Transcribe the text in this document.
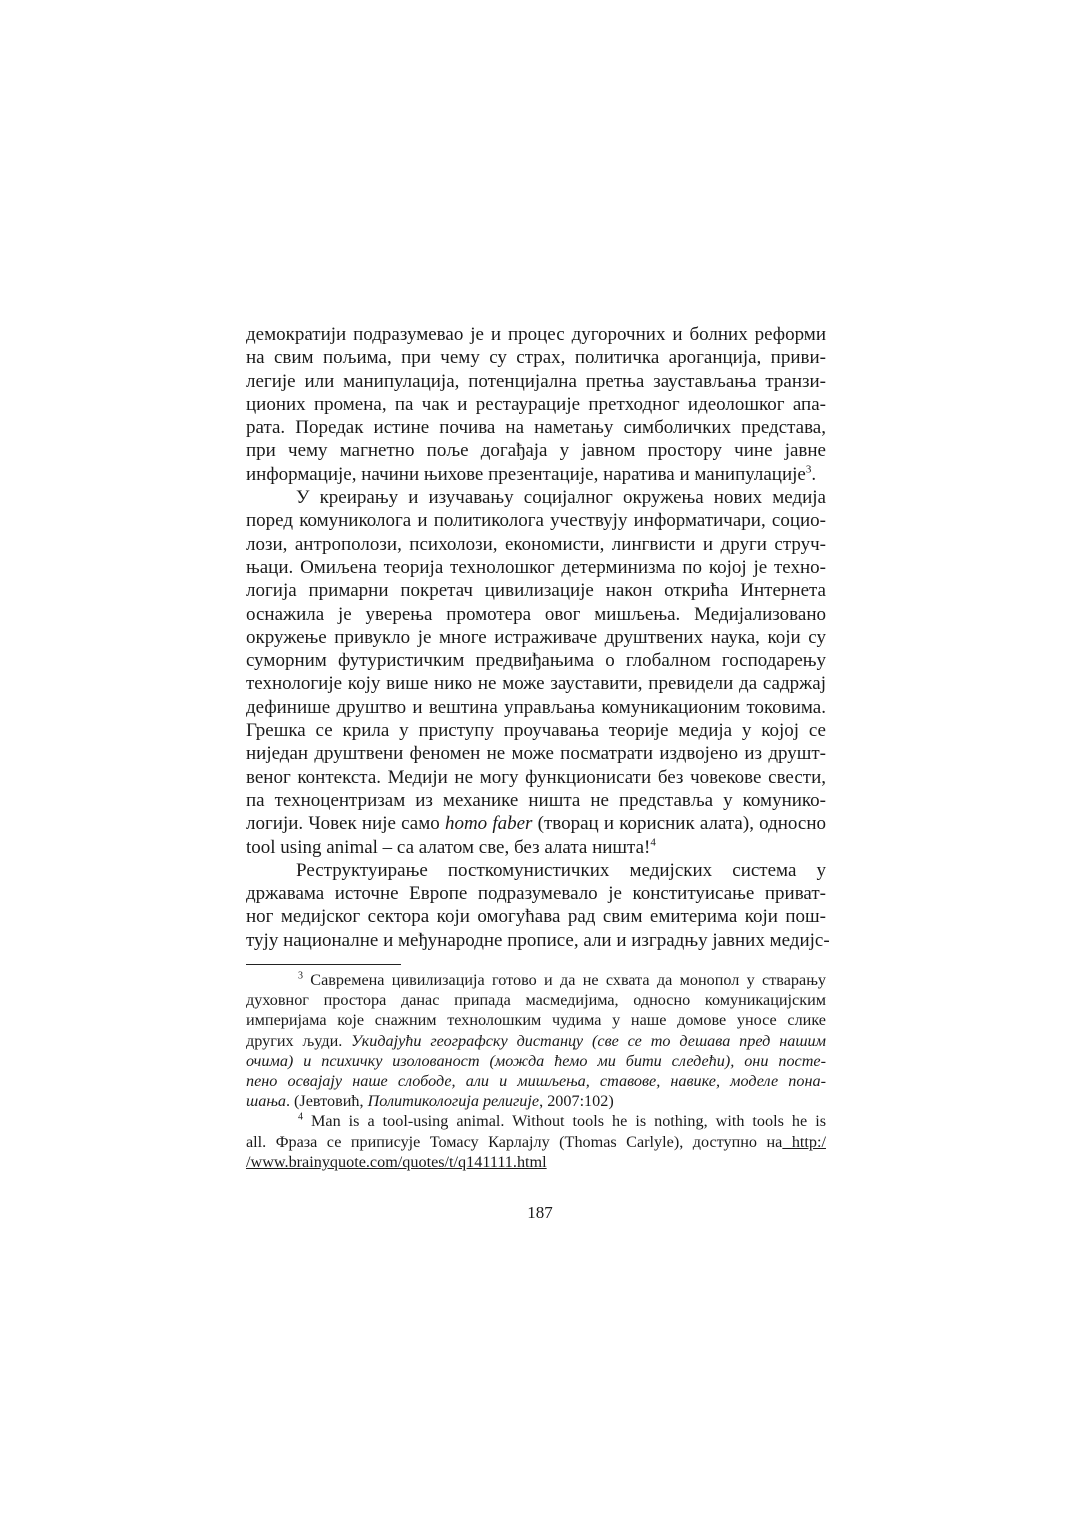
демократији подразумевао је и процес дугорочних и болних реформи
на свим пољима, при чему су страх, политичка ароганција, приви-
легије или манипулација, потенцијална претња заустављања транзи-
ционих промена, па чак и рестаурације претходног идеолошког апа-
рата. Поредак истине почива на наметању симболичких представа,
при чему магнетно поље догађаја у јавном простору чине јавне
информације, начини њихове презентације, наратива и манипулације$^3$.
У креирању и изучавању социјалног окружења нових медија
поред комуниколога и политиколога учествују информатичари, социо-
лози, антрополози, психолози, економисти, лингвисти и други струч-
њаци. Омиљена теорија технолошког детерминизма по којој је техно-
логија примарни покретач цивилизације након открића Интернета
оснажила је уверења промотера овог мишљења. Медијализовано
окружење привукло је многе истраживаче друштвених наука, који су
суморним футуристичким предвиђањима о глобалном господарењу
технологије коју више нико не може зауставити, превидели да садржај
дефинише друштво и вештина управљања комуникационим токовима.
Грешка се крила у приступу проучавања теорије медија у којој се
ниједан друштвени феномен не може посматрати издвојено из друшт-
веног контекста. Медији не могу функционисати без човекове свести,
па техноцентризам из механике ништа не представља у комунико-
логији. Човек није само homo faber (творац и корисник алата), односно
tool using animal – са алатом све, без алата ништа!$^4$
Реструктуирање посткомунистичких медијских система у
државама источне Европе подразумевало је конституисање приват-
ног медијског сектора који омогућава рад свим емитерима који пош-
тују националне и међународне прописе, али и изградњу јавних медијс-
$^3$ Савремена цивилизација готово и да не схвата да монопол у стварању
духовног простора данас припада масмедијима, односно комуникацијским
империјама које снажним технолошким чудима у наше домове уносе слике
других људи. Укидајући географску дистанцу (све се то дешава пред нашим
очима) и психичку изолованост (можда ћемо ми бити следећи), они посте-
пено освајају наше слободе, али и мишљења, ставове, навике, моделе пона-
шања. (Јевтовић, Политикологија религије, 2007:102)
$^4$ Man is a tool-using animal. Without tools he is nothing, with tools he is
all. Фраза се приписује Томасу Карлајлу (Thomas Carlyle), доступно на http:/
/www.brainyquote.com/quotes/t/q141111.html
187
